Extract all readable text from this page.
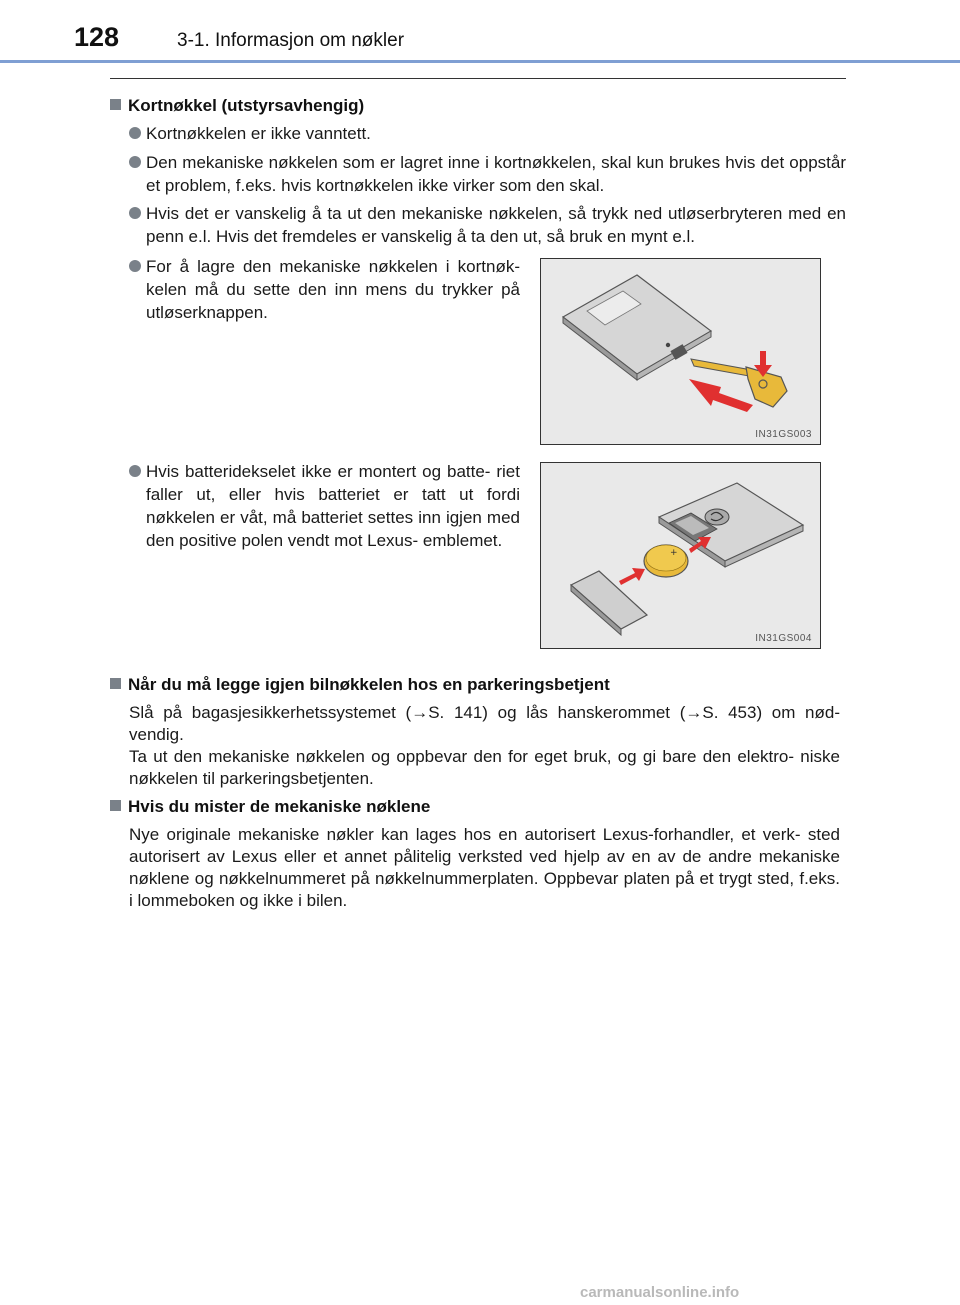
128	3-1. Informasjon om nøkler
Kortnøkkel (utstyrsavhengig)
Kortnøkkelen er ikke vanntett.
Den mekaniske nøkkelen som er lagret inne i kortnøkkelen, skal kun brukes hvis det oppstår et problem, f.eks. hvis kortnøkkelen ikke virker som den skal.
Hvis det er vanskelig å ta ut den mekaniske nøkkelen, så trykk ned utløserbryteren med en penn e.l. Hvis det fremdeles er vanskelig å ta den ut, så bruk en mynt e.l.
For å lagre den mekaniske nøkkelen i kortnøk- kelen må du sette den inn mens du trykker på utløserknappen.
Hvis batteridekselet ikke er montert og batte- riet faller ut, eller hvis batteriet er tatt ut fordi nøkkelen er våt, må batteriet settes inn igjen med den positive polen vendt mot Lexus- emblemet.
IN31GS003
+
IN31GS004
Når du må legge igjen bilnøkkelen hos en parkeringsbetjent
Slå på bagasjesikkerhetssystemet (→S. 141) og lås hanskerommet (→S. 453) om nød- vendig.
Ta ut den mekaniske nøkkelen og oppbevar den for eget bruk, og gi bare den elektro- niske nøkkelen til parkeringsbetjenten.
Hvis du mister de mekaniske nøklene
Nye originale mekaniske nøkler kan lages hos en autorisert Lexus-forhandler, et verk- sted autorisert av Lexus eller et annet pålitelig verksted ved hjelp av en av de andre mekaniske nøklene og nøkkelnummeret på nøkkelnummerplaten. Oppbevar platen på et trygt sted, f.eks. i lommeboken og ikke i bilen.
carmanualsonline.info
